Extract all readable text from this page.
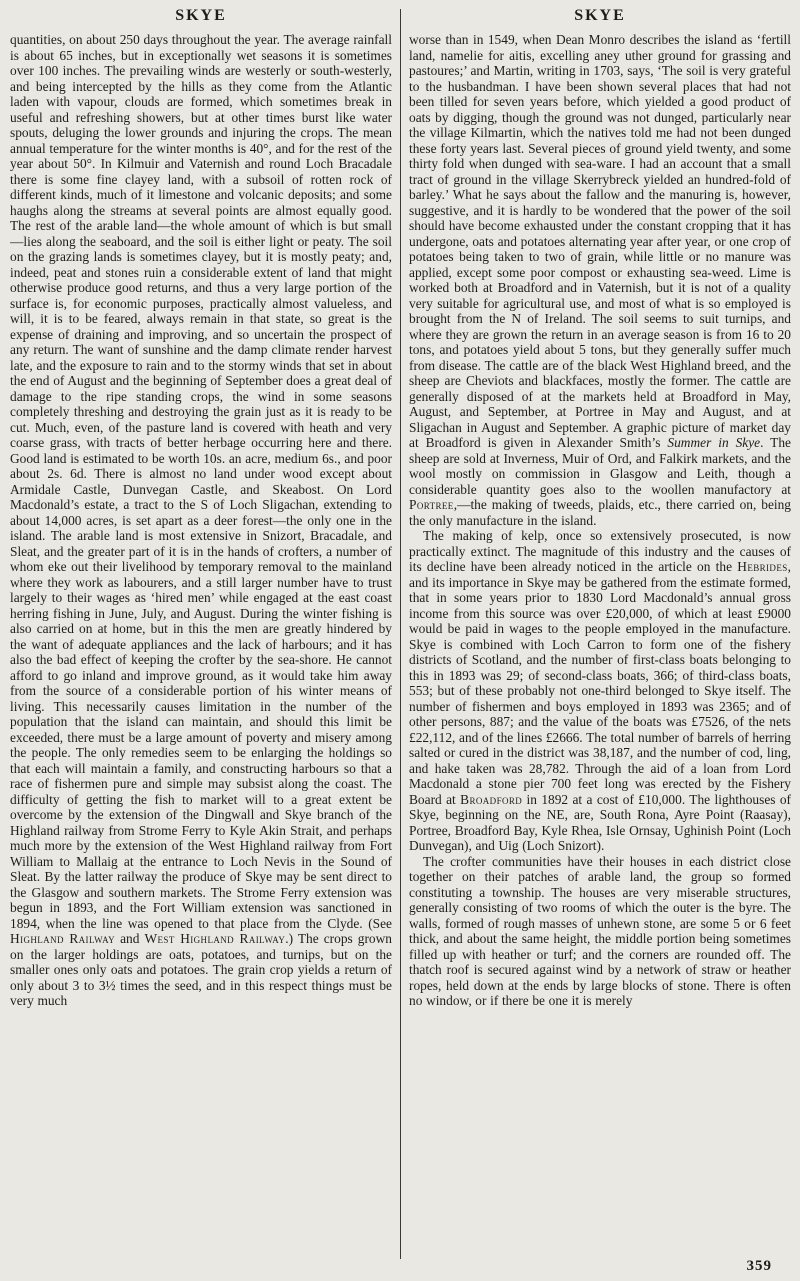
SKYE

quantities, on about 250 days throughout the year. The average rainfall is about 65 inches, but in exceptionally wet seasons it is sometimes over 100 inches. The prevailing winds are westerly or south-westerly, and being intercepted by the hills as they come from the Atlantic laden with vapour, clouds are formed, which sometimes break in useful and refreshing showers, but at other times burst like water spouts, deluging the lower grounds and injuring the crops. The mean annual temperature for the winter months is 40°, and for the rest of the year about 50°. In Kilmuir and Vaternish and round Loch Bracadale there is some fine clayey land, with a subsoil of rotten rock of different kinds, much of it limestone and volcanic deposits; and some haughs along the streams at several points are almost equally good. The rest of the arable land—the whole amount of which is but small—lies along the seaboard, and the soil is either light or peaty. The soil on the grazing lands is sometimes clayey, but it is mostly peaty; and, indeed, peat and stones ruin a considerable extent of land that might otherwise produce good returns, and thus a very large portion of the surface is, for economic purposes, practically almost valueless, and will, it is to be feared, always remain in that state, so great is the expense of draining and improving, and so uncertain the prospect of any return. The want of sunshine and the damp climate render harvest late, and the exposure to rain and to the stormy winds that set in about the end of August and the beginning of September does a great deal of damage to the ripe standing crops, the wind in some seasons completely threshing and destroying the grain just as it is ready to be cut. Much, even, of the pasture land is covered with heath and very coarse grass, with tracts of better herbage occurring here and there. Good land is estimated to be worth 10s. an acre, medium 6s., and poor about 2s. 6d. There is almost no land under wood except about Armidale Castle, Dunvegan Castle, and Skeabost. On Lord Macdonald’s estate, a tract to the S of Loch Sligachan, extending to about 14,000 acres, is set apart as a deer forest—the only one in the island. The arable land is most extensive in Snizort, Bracadale, and Sleat, and the greater part of it is in the hands of crofters, a number of whom eke out their livelihood by temporary removal to the mainland where they work as labourers, and a still larger number have to trust largely to their wages as ‘hired men’ while engaged at the east coast herring fishing in June, July, and August. During the winter fishing is also carried on at home, but in this the men are greatly hindered by the want of adequate appliances and the lack of harbours; and it has also the bad effect of keeping the crofter by the sea-shore. He cannot afford to go inland and improve ground, as it would take him away from the source of a considerable portion of his winter means of living. This necessarily causes limitation in the number of the population that the island can maintain, and should this limit be exceeded, there must be a large amount of poverty and misery among the people. The only remedies seem to be enlarging the holdings so that each will maintain a family, and constructing harbours so that a race of fishermen pure and simple may subsist along the coast. The difficulty of getting the fish to market will to a great extent be overcome by the extension of the Dingwall and Skye branch of the Highland railway from Strome Ferry to Kyle Akin Strait, and perhaps much more by the extension of the West Highland railway from Fort William to Mallaig at the entrance to Loch Nevis in the Sound of Sleat. By the latter railway the produce of Skye may be sent direct to the Glasgow and southern markets. The Strome Ferry extension was begun in 1893, and the Fort William extension was sanctioned in 1894, when the line was opened to that place from the Clyde. (See Highland Railway and West Highland Railway.) The crops grown on the larger holdings are oats, potatoes, and turnips, but on the smaller ones only oats and potatoes. The grain crop yields a return of only about 3 to 3½ times the seed, and in this respect things must be very much

SKYE

worse than in 1549, when Dean Monro describes the island as ‘fertill land, namelie for aitis, excelling aney uther ground for grassing and pastoures;’ and Martin, writing in 1703, says, ‘The soil is very grateful to the husbandman. I have been shown several places that had not been tilled for seven years before, which yielded a good product of oats by digging, though the ground was not dunged, particularly near the village Kilmartin, which the natives told me had not been dunged these forty years last. Several pieces of ground yield twenty, and some thirty fold when dunged with sea-ware. I had an account that a small tract of ground in the village Skerrybreck yielded an hundred-fold of barley.’ What he says about the fallow and the manuring is, however, suggestive, and it is hardly to be wondered that the power of the soil should have become exhausted under the constant cropping that it has undergone, oats and potatoes alternating year after year, or one crop of potatoes being taken to two of grain, while little or no manure was applied, except some poor compost or exhausting sea-weed. Lime is worked both at Broadford and in Vaternish, but it is not of a quality very suitable for agricultural use, and most of what is so employed is brought from the N of Ireland. The soil seems to suit turnips, and where they are grown the return in an average season is from 16 to 20 tons, and potatoes yield about 5 tons, but they generally suffer much from disease. The cattle are of the black West Highland breed, and the sheep are Cheviots and blackfaces, mostly the former. The cattle are generally disposed of at the markets held at Broadford in May, August, and September, at Portree in May and August, and at Sligachan in August and September. A graphic picture of market day at Broadford is given in Alexander Smith’s Summer in Skye. The sheep are sold at Inverness, Muir of Ord, and Falkirk markets, and the wool mostly on commission in Glasgow and Leith, though a considerable quantity goes also to the woollen manufactory at Portree,—the making of tweeds, plaids, etc., there carried on, being the only manufacture in the island.

The making of kelp, once so extensively prosecuted, is now practically extinct. The magnitude of this industry and the causes of its decline have been already noticed in the article on the Hebrides, and its importance in Skye may be gathered from the estimate formed, that in some years prior to 1830 Lord Macdonald’s annual gross income from this source was over £20,000, of which at least £9000 would be paid in wages to the people employed in the manufacture. Skye is combined with Loch Carron to form one of the fishery districts of Scotland, and the number of first-class boats belonging to this in 1893 was 29; of second-class boats, 366; of third-class boats, 553; but of these probably not one-third belonged to Skye itself. The number of fishermen and boys employed in 1893 was 2365; and of other persons, 887; and the value of the boats was £7526, of the nets £22,112, and of the lines £2666. The total number of barrels of herring salted or cured in the district was 38,187, and the number of cod, ling, and hake taken was 28,782. Through the aid of a loan from Lord Macdonald a stone pier 700 feet long was erected by the Fishery Board at Broadford in 1892 at a cost of £10,000. The lighthouses of Skye, beginning on the NE, are, South Rona, Ayre Point (Raasay), Portree, Broadford Bay, Kyle Rhea, Isle Ornsay, Ughinish Point (Loch Dunvegan), and Uig (Loch Snizort).

The crofter communities have their houses in each district close together on their patches of arable land, the group so formed constituting a township. The houses are very miserable structures, generally consisting of two rooms of which the outer is the byre. The walls, formed of rough masses of unhewn stone, are some 5 or 6 feet thick, and about the same height, the middle portion being sometimes filled up with heather or turf; and the corners are rounded off. The thatch roof is secured against wind by a network of straw or heather ropes, held down at the ends by large blocks of stone. There is often no window, or if there be one it is merely

359
